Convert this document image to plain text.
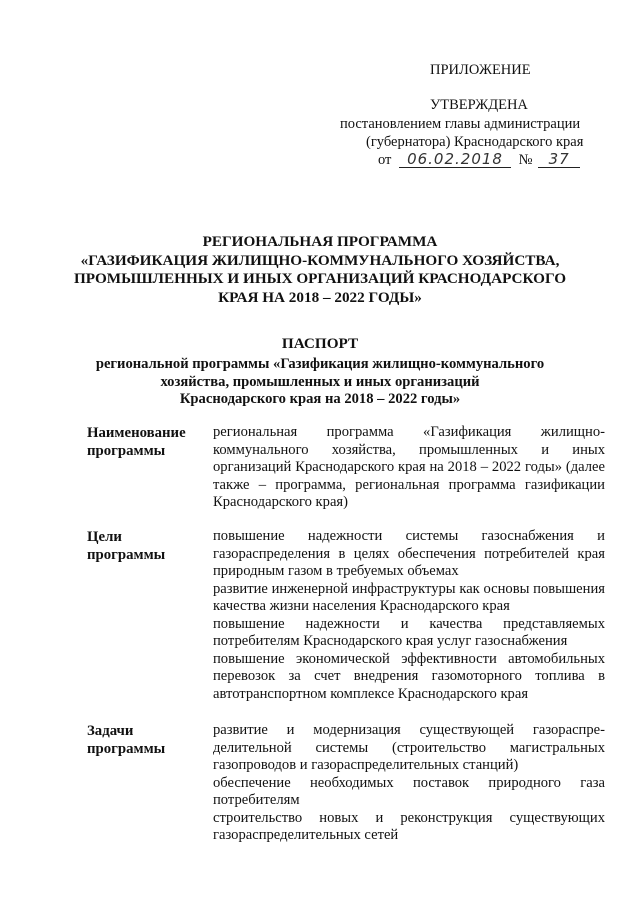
ПРИЛОЖЕНИЕ
УТВЕРЖДЕНА
постановлением главы администрации
(губернатора) Краснодарского края
от 06.02.2018 № 37
РЕГИОНАЛЬНАЯ ПРОГРАММА
«ГАЗИФИКАЦИЯ ЖИЛИЩНО-КОММУНАЛЬНОГО ХОЗЯЙСТВА,
ПРОМЫШЛЕННЫХ И ИНЫХ ОРГАНИЗАЦИЙ КРАСНОДАРСКОГО
КРАЯ НА 2018 – 2022 ГОДЫ»
ПАСПОРТ
региональной программы «Газификация жилищно-коммунального
хозяйства, промышленных и иных организаций
Краснодарского края на 2018 – 2022 годы»
Наименование
программы

региональная программа «Газификация жилищно-коммунального хозяйства, промышленных и иных организаций Краснодарского края на 2018 – 2022 годы» (далее также – программа, региональная программа газификации Краснодарского края)

Цели
программы

повышение надежности системы газоснабжения и газораспределения в целях обеспечения потребителей края природным газом в требуемых объемах

развитие инженерной инфраструктуры как основы повышения качества жизни населения Краснодарского края

повышение надежности и качества представляемых потребителям Краснодарского края услуг газоснабжения

повышение экономической эффективности автомобильных перевозок за счет внедрения газомоторного топлива в автотранспортном комплексе Краснодарского края

Задачи
программы

развитие и модернизация существующей газораспре-делительной системы (строительство магистральных газопроводов и газораспределительных станций)

обеспечение необходимых поставок природного газа потребителям

строительство новых и реконструкция существующих газораспределительных сетей
